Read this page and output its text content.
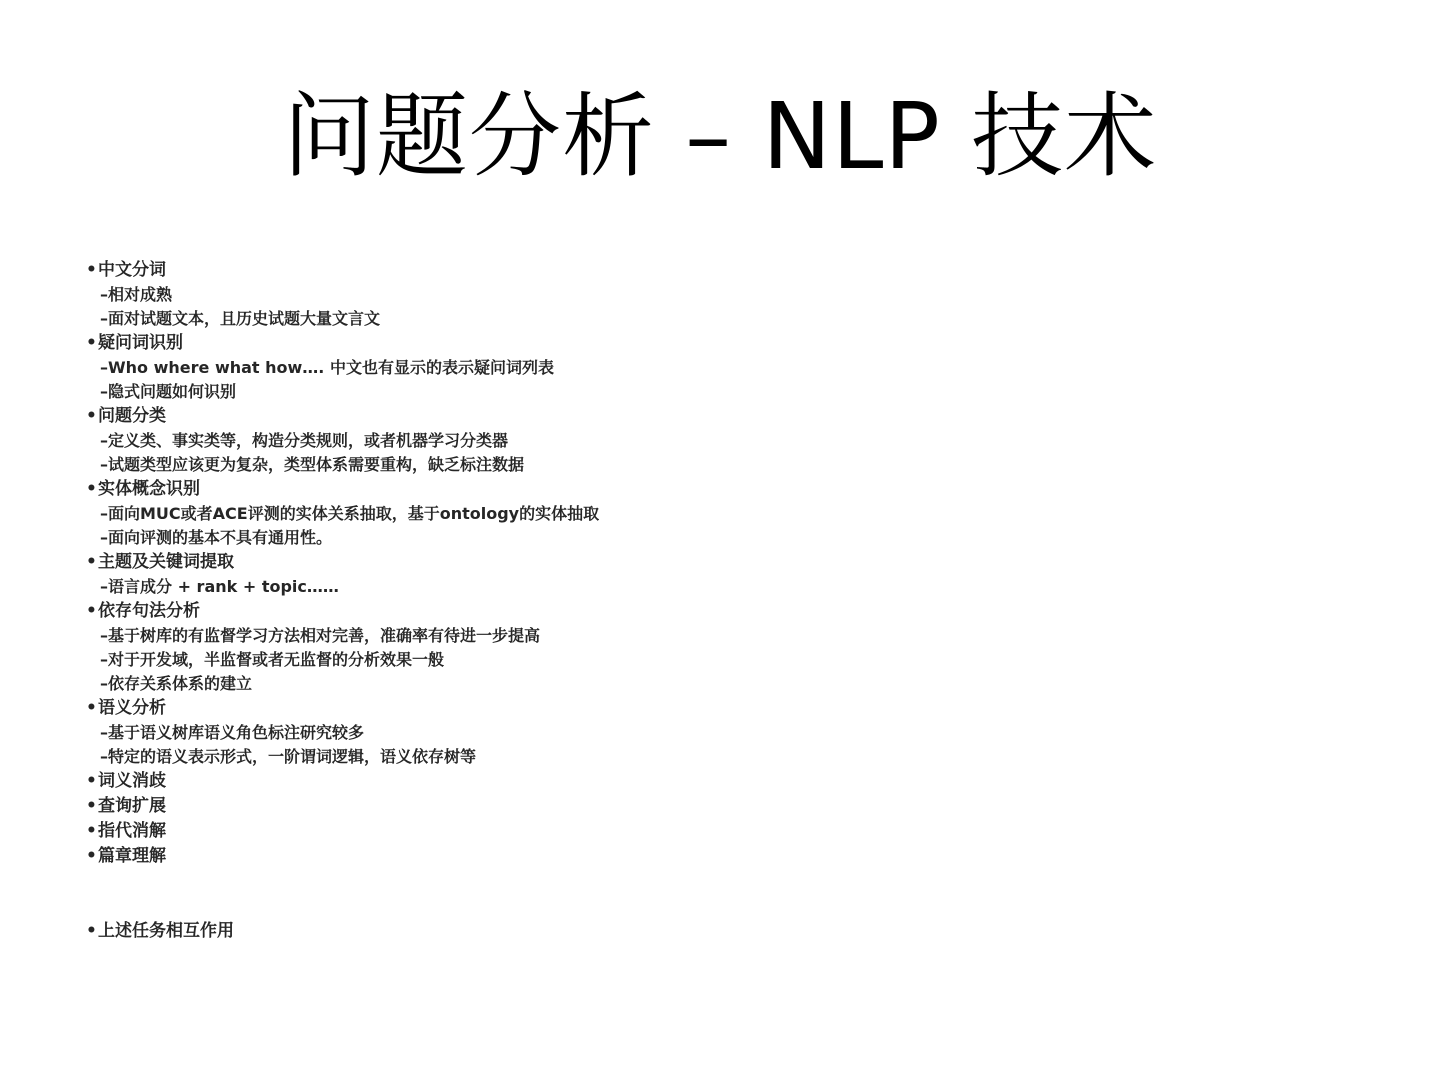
问题分析 – NLP 技术
•中文分词
–相对成熟
–面对试题文本，且历史试题大量文言文
•疑问词识别
–Who where what how…. 中文也有显示的表示疑问词列表
–隐式问题如何识别
•问题分类
–定义类、事实类等，构造分类规则，或者机器学习分类器
–试题类型应该更为复杂，类型体系需要重构，缺乏标注数据
•实体概念识别
–面向MUC或者ACE评测的实体关系抽取，基于ontology的实体抽取
–面向评测的基本不具有通用性。
•主题及关键词提取
–语言成分 + rank + topic……
•依存句法分析
–基于树库的有监督学习方法相对完善，准确率有待进一步提高
–对于开发域，半监督或者无监督的分析效果一般
–依存关系体系的建立
•语义分析
–基于语义树库语义角色标注研究较多
–特定的语义表示形式，一阶谓词逻辑，语义依存树等
•词义消歧
•查询扩展
•指代消解
•篇章理解
•上述任务相互作用
